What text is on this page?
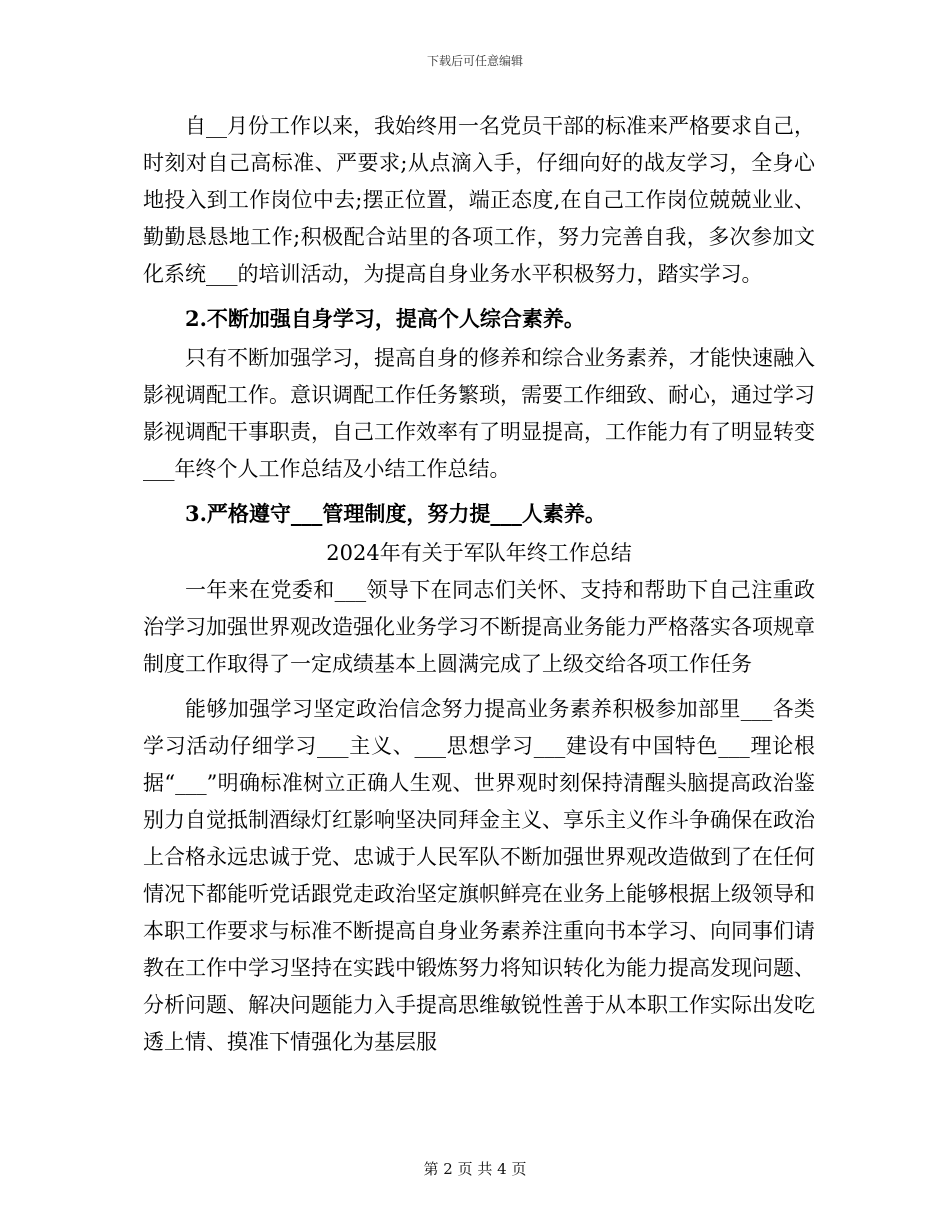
下载后可任意编辑

自__月份工作以来，我始终用一名党员干部的标准来严格要求自己，时刻对自己高标准、严要求;从点滴入手，仔细向好的战友学习，全身心地投入到工作岗位中去;摆正位置，端正态度,在自己工作岗位兢兢业业、勤勤恳恳地工作;积极配合站里的各项工作，努力完善自我，多次参加文化系统___的培训活动，为提高自身业务水平积极努力，踏实学习。

2.不断加强自身学习，提高个人综合素养。

只有不断加强学习，提高自身的修养和综合业务素养，才能快速融入影视调配工作。意识调配工作任务繁琐，需要工作细致、耐心，通过学习影视调配干事职责，自己工作效率有了明显提高，工作能力有了明显转变___年终个人工作总结及小结工作总结。

3.严格遵守___管理制度，努力提___人素养。

2024年有关于军队年终工作总结

一年来在党委和___领导下在同志们关怀、支持和帮助下自己注重政治学习加强世界观改造强化业务学习不断提高业务能力严格落实各项规章制度工作取得了一定成绩基本上圆满完成了上级交给各项工作任务

能够加强学习坚定政治信念努力提高业务素养积极参加部里___各类学习活动仔细学习___主义、___思想学习___建设有中国特色___理论根据“___”明确标准树立正确人生观、世界观时刻保持清醒头脑提高政治鉴别力自觉抵制酒绿灯红影响坚决同拜金主义、享乐主义作斗争确保在政治上合格永远忠诚于党、忠诚于人民军队不断加强世界观改造做到了在任何情况下都能听党话跟党走政治坚定旗帜鲜亮在业务上能够根据上级领导和本职工作要求与标准不断提高自身业务素养注重向书本学习、向同事们请教在工作中学习坚持在实践中锻炼努力将知识转化为能力提高发现问题、分析问题、解决问题能力入手提高思维敏锐性善于从本职工作实际出发吃透上情、摸准下情强化为基层服

第 2 页 共 4 页
